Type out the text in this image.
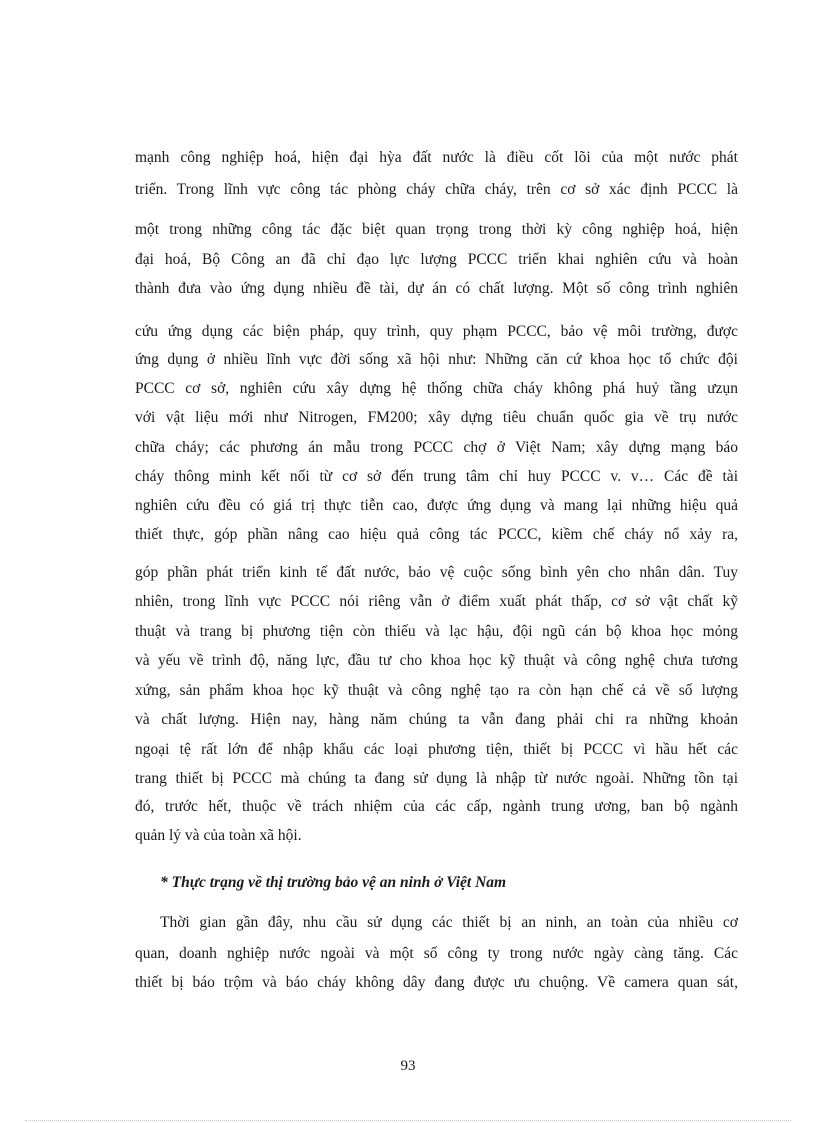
mạnh công nghiệp hoá, hiện đại hỳa đất nước là điều cốt lõi của một nước phát

triển. Trong lĩnh vực công tác phòng cháy chữa cháy, trên cơ sở xác định PCCC là

một trong những công tác đặc biệt quan trọng trong thời kỳ công nghiệp hoá, hiện

đại hoá, Bộ Công an đã chỉ đạo lực lượng PCCC triển khai nghiên cứu và hoàn

thành đưa vào ứng dụng nhiều đề tài, dự án có chất lượng. Một số công trình nghiên

cứu ứng dụng các biện pháp, quy trình, quy phạm PCCC, bảo vệ môi trường, được

ứng dụng ở nhiều lĩnh vực đời sống xã hội như: Những căn cứ khoa học tổ chức đội

PCCC cơ sở, nghiên cứu xây dựng hệ thống chữa cháy không phá huỷ tầng ưzụn

với vật liệu mới như Nitrogen, FM200; xây dựng tiêu chuẩn quốc gia về trụ nước

chữa cháy; các phương án mẫu trong PCCC chợ ở Việt Nam; xây dựng mạng báo

cháy thông minh kết nối từ cơ sở đến trung tâm chỉ huy PCCC v. v… Các đề tài

nghiên cứu đều có giá trị thực tiễn cao, được ứng dụng và mang lại những hiệu quả

thiết thực, góp phần nâng cao hiệu quả công tác PCCC, kiềm chế cháy nổ xảy ra,

góp phần phát triển kinh tế đất nước, bảo vệ cuộc sống bình yên cho nhân dân. Tuy

nhiên, trong lĩnh vực PCCC nói riêng vẫn ở điểm xuất phát thấp, cơ sở vật chất kỹ

thuật và trang bị phương tiện còn thiếu và lạc hậu, đội ngũ cán bộ khoa học mỏng

và yếu về trình độ, năng lực, đầu tư cho khoa học kỹ thuật và công nghệ chưa tương

xứng, sản phẩm khoa học kỹ thuật và công nghệ tạo ra còn hạn chế cả về số lượng

và chất lượng. Hiện nay, hàng năm chúng ta vẫn đang phải chi ra những khoản

ngoại tệ rất lớn để nhập khẩu các loại phương tiện, thiết bị PCCC vì hầu hết các

trang thiết bị PCCC mà chúng ta đang sử dụng là nhập từ nước ngoài. Những tồn tại

đó, trước hết, thuộc về trách nhiệm của các cấp, ngành trung ương, ban bộ ngành

quản lý và của toàn xã hội.

* Thực trạng về thị trường bảo vệ an ninh ở Việt Nam

Thời gian gần đây, nhu cầu sử dụng các thiết bị an ninh, an toàn của nhiều cơ

quan, doanh nghiệp nước ngoài và một số công ty trong nước ngày càng tăng. Các

thiết bị báo trộm và báo cháy không dây đang được ưu chuộng. Về camera quan sát,

93
